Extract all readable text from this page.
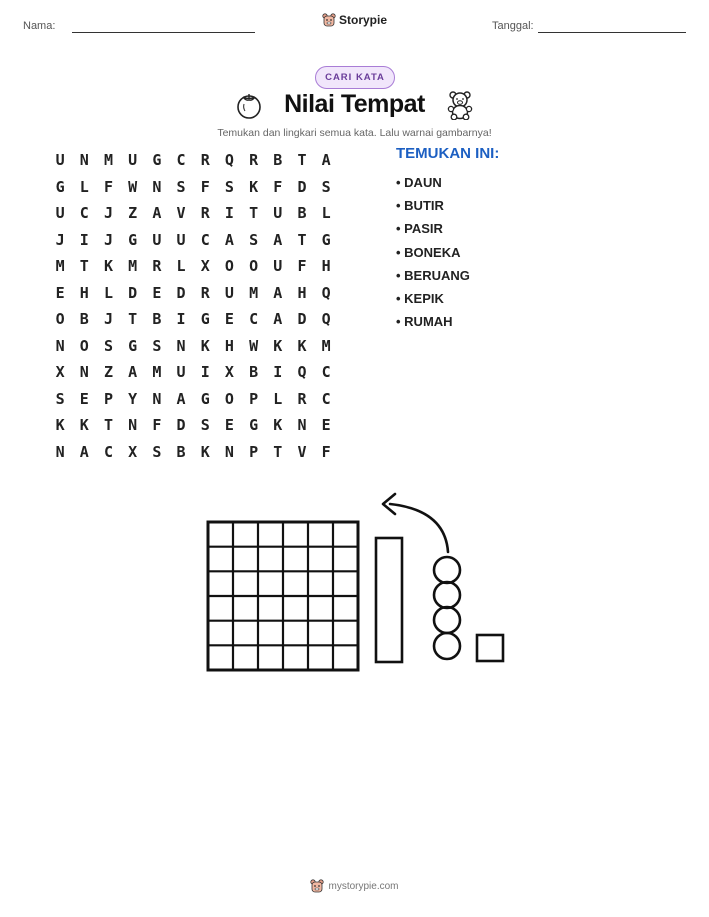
Nama:	Storypie	Tanggal:
CARI KATA
Nilai Tempat
Temukan dan lingkari semua kata. Lalu warnai gambarnya!
U	N	M	U	G	C	R	Q	R	B	T	A
G	L	F	W	N	S	F	S	K	F	D	S
U	C	J	Z	A	V	R	I	T	U	B	L
J	I	J	G	U	U	C	A	S	A	T	G
M	T	K	M	R	L	X	O	O	U	F	H
E	H	L	D	E	D	R	U	M	A	H	Q
O	B	J	T	B	I	G	E	C	A	D	Q
N	O	S	G	S	N	K	H	W	K	K	M
X	N	Z	A	M	U	I	X	B	I	Q	C
S	E	P	Y	N	A	G	O	P	L	R	C
K	K	T	N	F	D	S	E	G	K	N	E
N	A	C	X	S	B	K	N	P	T	V	F
TEMUKAN INI:
• DAUN
• BUTIR
• PASIR
• BONEKA
• BERUANG
• KEPIK
• RUMAH
mystorypie.com
